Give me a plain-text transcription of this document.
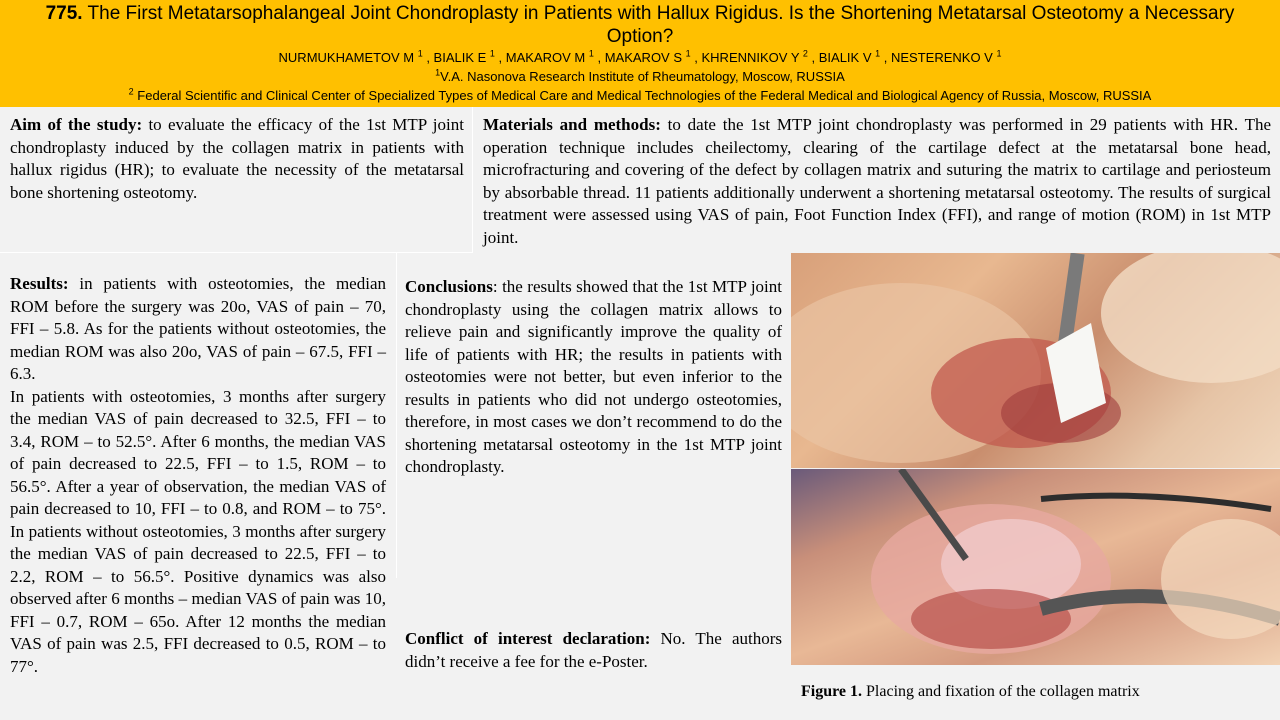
775. The First Metatarsophalangeal Joint Chondroplasty in Patients with Hallux Rigidus. Is the Shortening Metatarsal Osteotomy a Necessary Option?
NURMUKHAMETOV M $^1$ , BIALIK E $^1$ , MAKAROV M $^1$ , MAKAROV S $^1$ , KHRENNIKOV Y $^2$ , BIALIK V $^1$ , NESTERENKO V $^1$
$^1$V.A. Nasonova Research Institute of Rheumatology, Moscow, RUSSIA
$^2$ Federal Scientific and Clinical Center of Specialized Types of Medical Care and Medical Technologies of the Federal Medical and Biological Agency of Russia, Moscow, RUSSIA
Aim of the study: to evaluate the efficacy of the 1st MTP joint chondroplasty induced by the collagen matrix in patients with hallux rigidus (HR); to evaluate the necessity of the metatarsal bone shortening osteotomy.
Materials and methods: to date the 1st MTP joint chondroplasty was performed in 29 patients with HR. The operation technique includes cheilectomy, clearing of the cartilage defect at the metatarsal bone head, microfracturing and covering of the defect by collagen matrix and suturing the matrix to cartilage and periosteum by absorbable thread. 11 patients additionally underwent a shortening metatarsal osteotomy. The results of surgical treatment were assessed using VAS of pain, Foot Function Index (FFI), and range of motion (ROM) in 1st MTP joint.
Results: in patients with osteotomies, the median ROM before the surgery was 20o, VAS of pain – 70, FFI – 5.8. As for the patients without osteotomies, the median ROM was also 20o, VAS of pain – 67.5, FFI – 6.3.
In patients with osteotomies, 3 months after surgery the median VAS of pain decreased to 32.5, FFI – to 3.4, ROM – to 52.5°. After 6 months, the median VAS of pain decreased to 22.5, FFI – to 1.5, ROM – to 56.5°. After a year of observation, the median VAS of pain decreased to 10, FFI – to 0.8, and ROM – to 75°. In patients without osteotomies, 3 months after surgery the median VAS of pain decreased to 22.5, FFI – to 2.2, ROM – to 56.5°. Positive dynamics was also observed after 6 months – median VAS of pain was 10, FFI – 0.7, ROM – 65o. After 12 months the median VAS of pain was 2.5, FFI decreased to 0.5, ROM – to 77°.
Conclusions: the results showed that the 1st MTP joint chondroplasty using the collagen matrix allows to relieve pain and significantly improve the quality of life of patients with HR; the results in patients with osteotomies were not better, but even inferior to the results in patients who did not undergo osteotomies, therefore, in most cases we don’t recommend to do the shortening metatarsal osteotomy in the 1st MTP joint chondroplasty.
Conflict of interest declaration: No. The authors didn’t receive a fee for the e-Poster.
Figure 1. Placing and fixation of the collagen matrix
